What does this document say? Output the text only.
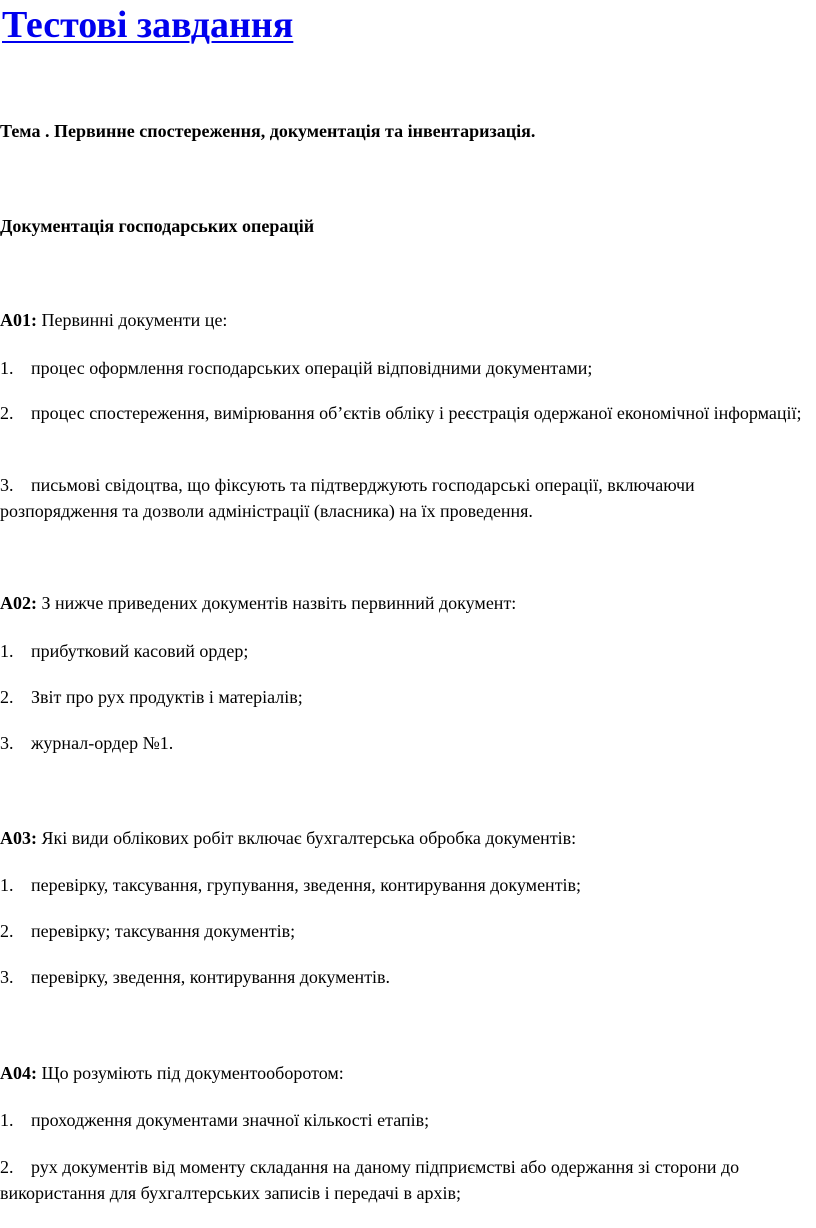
Тестові завдання
Тема . Первинне спостереження, документація та інвентаризація.
Документація господарських операцій
А01: Первинні документи це:
1. процес оформлення господарських операцій відповідними документами;
2. процес спостереження, вимірювання об’єктів обліку і реєстрація одержаної економічної інформації;
3. письмові свідоцтва, що фіксують та підтверджують господарські операції, включаючи розпорядження та дозволи адміністрації (власника) на їх проведення.
А02: З нижче приведених документів назвіть первинний документ:
1. прибутковий касовий ордер;
2. Звіт про рух продуктів і матеріалів;
3. журнал-ордер №1.
А03: Які види облікових робіт включає бухгалтерська обробка документів:
1. перевірку, таксування, групування, зведення, контирування документів;
2. перевірку; таксування документів;
3. перевірку, зведення, контирування документів.
А04: Що розуміють під документооборотом:
1. проходження документами значної кількості етапів;
2. рух документів від моменту складання на даному підприємстві або одержання зі сторони до використання для бухгалтерських записів і передачі в архів;
